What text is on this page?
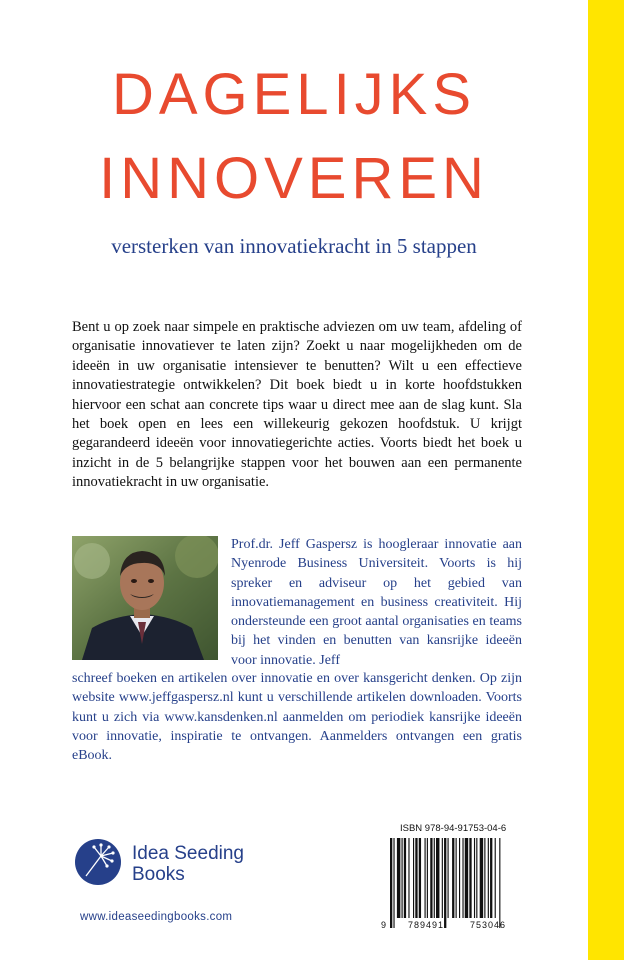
DAGELIJKS
INNOVEREN
versterken van innovatiekracht in 5 stappen

Bent u op zoek naar simpele en praktische adviezen om uw team, afdeling of organisatie innovatiever te laten zijn? Zoekt u naar mogelijkheden om de ideeën in uw organisatie intensiever te benutten? Wilt u een effectieve innovatiestrategie ontwikkelen? Dit boek biedt u in korte hoofdstukken hiervoor een schat aan concrete tips waar u direct mee aan de slag kunt. Sla het boek open en lees een willekeurig gekozen hoofdstuk. U krijgt gegarandeerd ideeën voor innovatiegerichte acties. Voorts biedt het boek u inzicht in de 5 belangrijke stappen voor het bouwen aan een permanente innovatiekracht in uw organisatie.

Prof.dr. Jeff Gaspersz is hoogleraar innovatie aan Nyenrode Business Universiteit. Voorts is hij spreker en adviseur op het gebied van innovatiemanagement en business creativiteit. Hij ondersteunde een groot aantal organisaties en teams bij het vinden en benutten van kansrijke ideeën voor innovatie. Jeff

schreef boeken en artikelen over innovatie en over kansgericht denken. Op zijn website www.jeffgaspersz.nl kunt u verschillende artikelen downloaden. Voorts kunt u zich via www.kansdenken.nl aanmelden om periodiek kansrijke ideeën voor innovatie, inspiratie te ontvangen. Aanmelders ontvangen een gratis eBook.

Idea Seeding
Books
www.ideaseedingbooks.com
ISBN 978-94-91753-04-6
9 789491	753046
